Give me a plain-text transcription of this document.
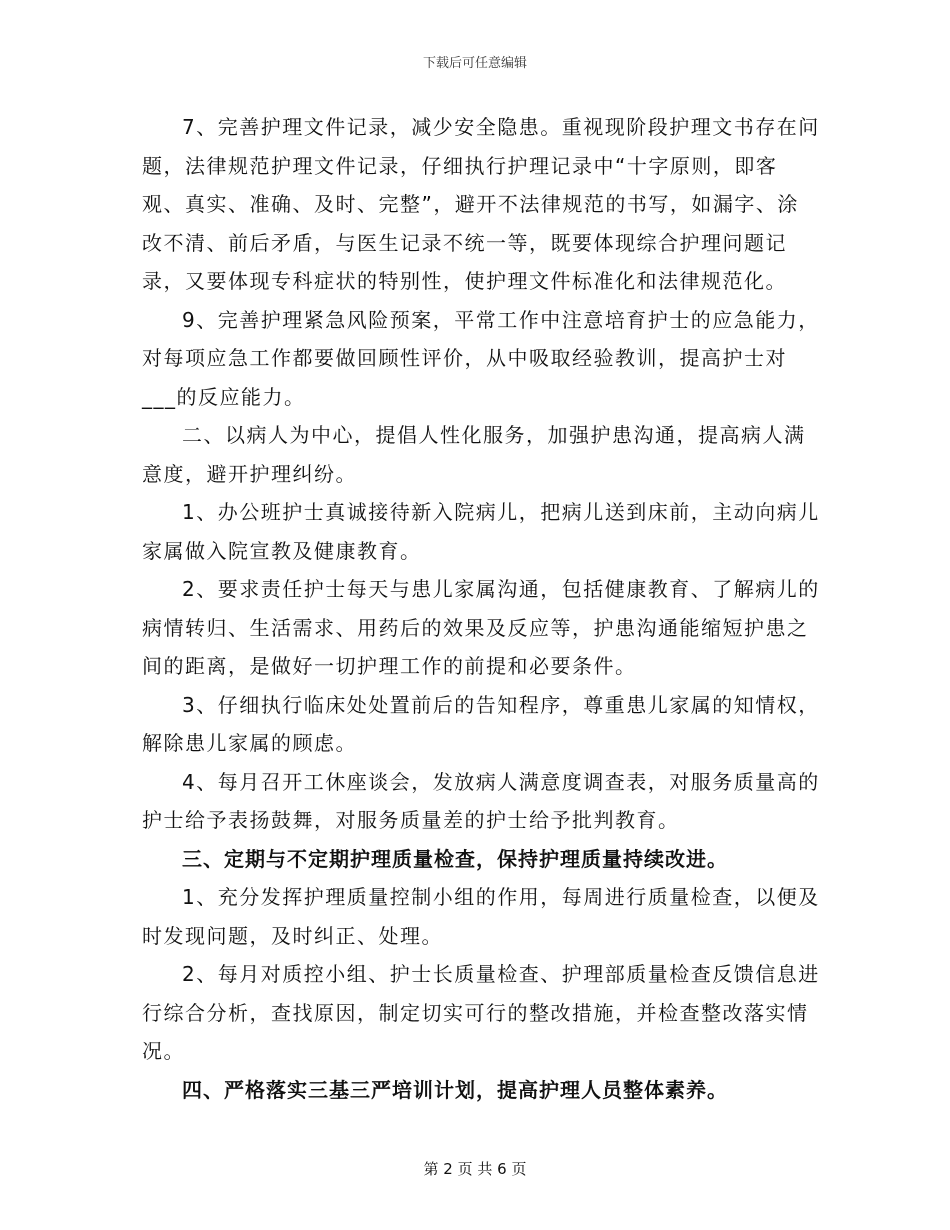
下载后可任意编辑

7、完善护理文件记录，减少安全隐患。重视现阶段护理文书存在问题，法律规范护理文件记录，仔细执行护理记录中“十字原则，即客观、真实、准确、及时、完整”，避开不法律规范的书写，如漏字、涂改不清、前后矛盾，与医生记录不统一等，既要体现综合护理问题记录，又要体现专科症状的特别性，使护理文件标准化和法律规范化。

9、完善护理紧急风险预案，平常工作中注意培育护士的应急能力，对每项应急工作都要做回顾性评价，从中吸取经验教训，提高护士对___的反应能力。

二、以病人为中心，提倡人性化服务，加强护患沟通，提高病人满意度，避开护理纠纷。

1、办公班护士真诚接待新入院病儿，把病儿送到床前，主动向病儿家属做入院宣教及健康教育。

2、要求责任护士每天与患儿家属沟通，包括健康教育、了解病儿的病情转归、生活需求、用药后的效果及反应等，护患沟通能缩短护患之间的距离，是做好一切护理工作的前提和必要条件。

3、仔细执行临床处处置前后的告知程序，尊重患儿家属的知情权，解除患儿家属的顾虑。

4、每月召开工休座谈会，发放病人满意度调查表，对服务质量高的护士给予表扬鼓舞，对服务质量差的护士给予批判教育。

三、定期与不定期护理质量检查，保持护理质量持续改进。

1、充分发挥护理质量控制小组的作用，每周进行质量检查，以便及时发现问题，及时纠正、处理。

2、每月对质控小组、护士长质量检查、护理部质量检查反馈信息进行综合分析，查找原因，制定切实可行的整改措施，并检查整改落实情况。

四、严格落实三基三严培训计划，提高护理人员整体素养。

第 2 页 共 6 页
